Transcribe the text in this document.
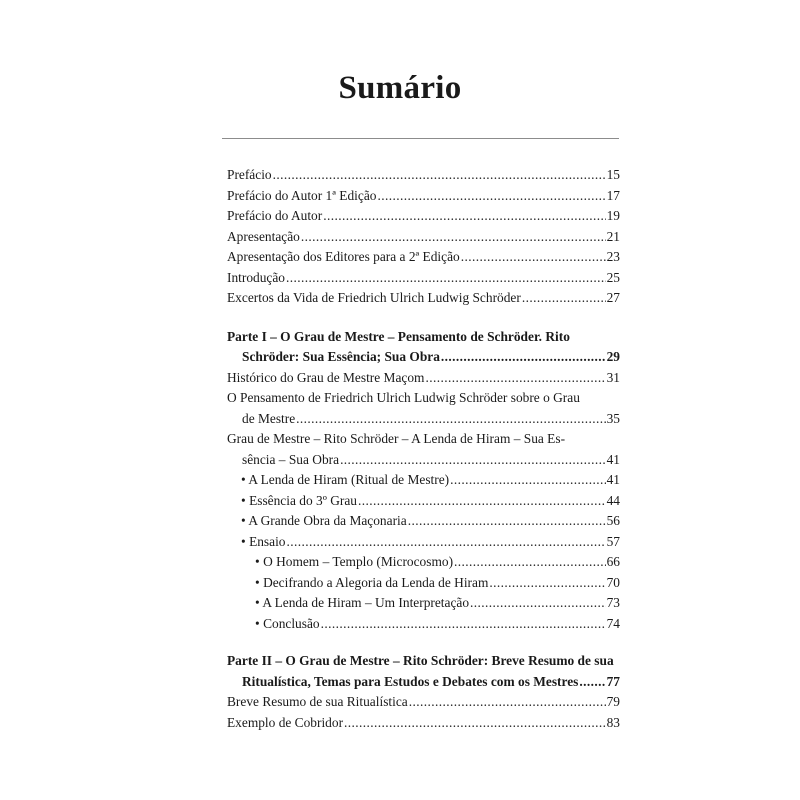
Sumário
Prefácio .....	15
Prefácio do Autor 1ª Edição .....	17
Prefácio do Autor .....	19
Apresentação .....	21
Apresentação dos Editores para a 2ª Edição .....	23
Introdução .....	25
Excertos da Vida de Friedrich Ulrich Ludwig Schröder .....	27
Parte I – O Grau de Mestre – Pensamento de Schröder. Rito
Schröder: Sua Essência; Sua Obra .....	29
Histórico do Grau de Mestre Maçom .....	31
O Pensamento de Friedrich Ulrich Ludwig Schröder sobre o Grau
de Mestre .....	35
Grau de Mestre – Rito Schröder – A Lenda de Hiram – Sua Es-
sência – Sua Obra .....	41
• A Lenda de Hiram (Ritual de Mestre) .....	41
• Essência do 3º Grau .....	44
• A Grande Obra da Maçonaria .....	56
• Ensaio .....	57
• O Homem – Templo (Microcosmo) .....	66
• Decifrando a Alegoria da Lenda de Hiram .....	70
• A Lenda de Hiram – Um Interpretação .....	73
• Conclusão .....	74
Parte II – O Grau de Mestre – Rito Schröder: Breve Resumo de sua
Ritualística, Temas para Estudos e Debates com os Mestres ..... 77
Breve Resumo de sua Ritualística .....	79
Exemplo de Cobridor .....	83
